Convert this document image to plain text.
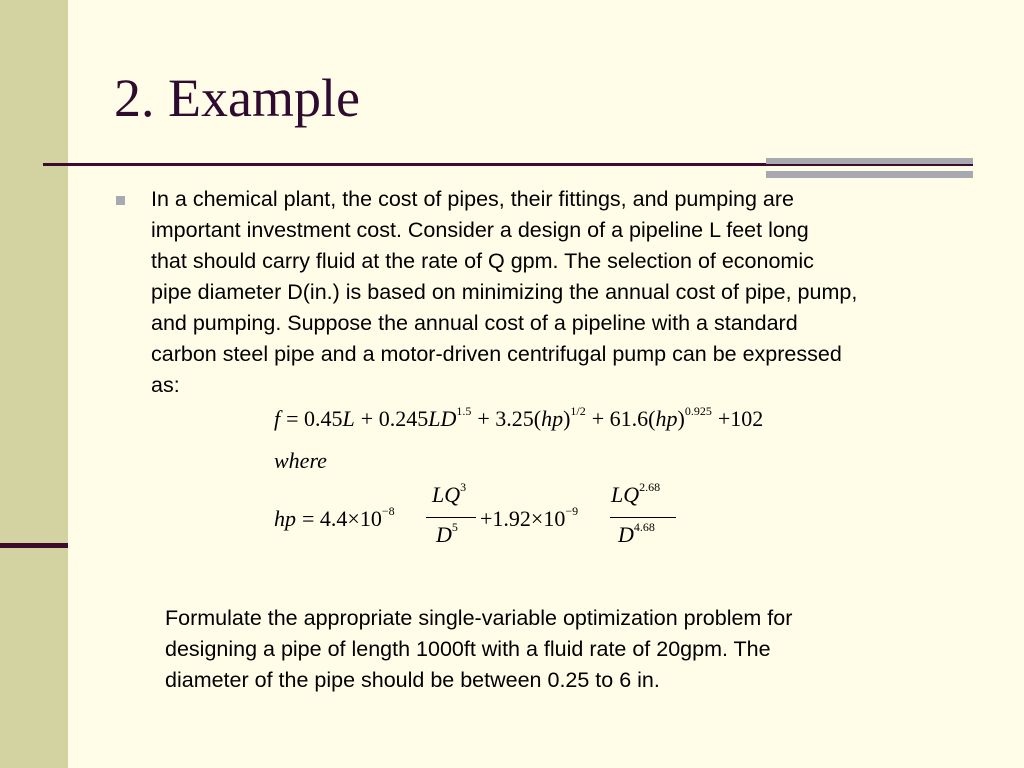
2. Example

In a chemical plant, the cost of pipes, their fittings, and pumping are
important investment cost. Consider a design of a pipeline L feet long
that should carry fluid at the rate of Q gpm. The selection of economic
pipe diameter D(in.) is based on minimizing the annual cost of pipe, pump,
and pumping. Suppose the annual cost of a pipeline with a standard
carbon steel pipe and a motor-driven centrifugal pump can be expressed
as:

$f = 0.45L + 0.245LD^{1.5} + 3.25(hp)^{1/2} + 61.6(hp)^{0.925} +102$
where
hp = $4.4\times 10^{-8}$
$LQ^3$
$D^5 +1.92\times 10^{-9}$
$LQ^{2.68}$
$D^{4.68}$

Formulate the appropriate single-variable optimization problem for
designing a pipe of length 1000ft with a fluid rate of 20gpm. The
diameter of the pipe should be between 0.25 to 6 in.
